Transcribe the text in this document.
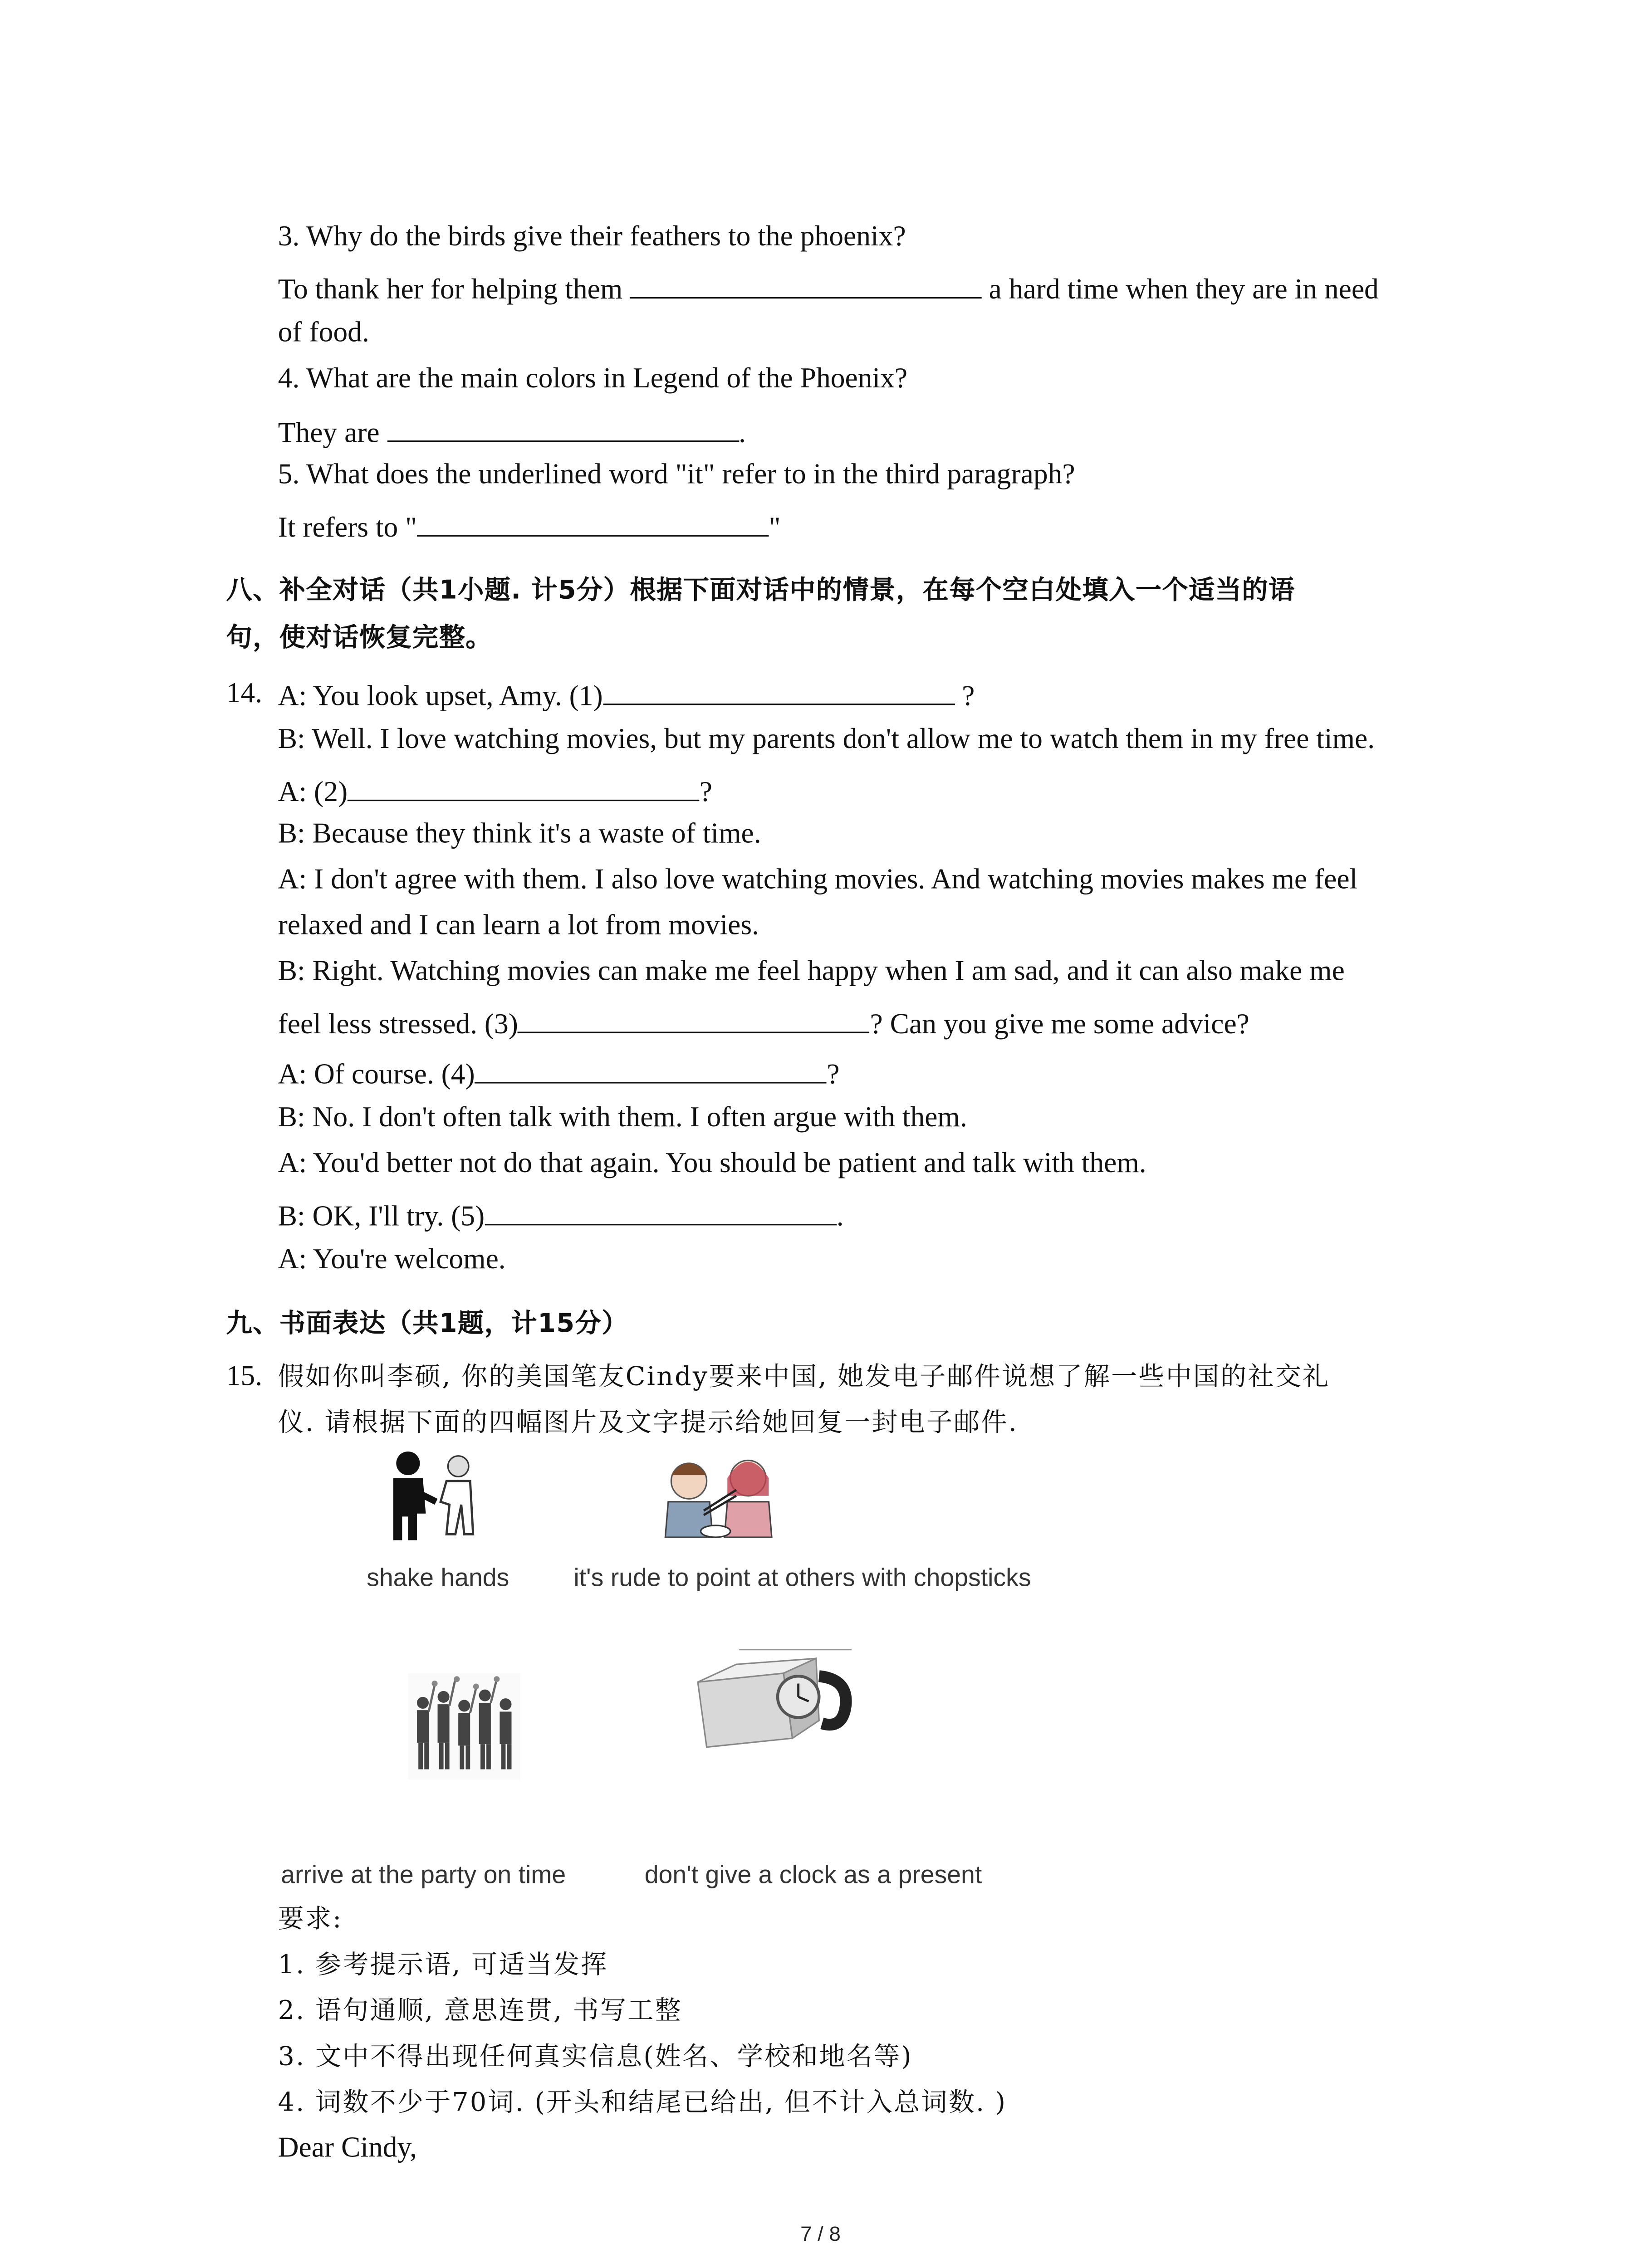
3. Why do the birds give their feathers to the phoenix?
To thank her for helping them	a hard time when they are in need
of food.
4. What are the main colors in Legend of the Phoenix?
They are	.
5. What does the underlined word "it" refer to in the third paragraph?
It refers to "	"
八、补全对话（共1小题. 计5分）根据下面对话中的情景，在每个空白处填入一个适当的语
句，使对话恢复完整。
14. A: You look upset, Amy. (1)	?
B: Well. I love watching movies, but my parents don't allow me to watch them in my free time.
A: (2)	?
B: Because they think it's a waste of time.
A: I don't agree with them. I also love watching movies. And watching movies makes me feel
relaxed and I can learn a lot from movies.
B: Right. Watching movies can make me feel happy when I am sad, and it can also make me
feel less stressed. (3)	? Can you give me some advice?
A: Of course. (4)	?
B: No. I don't often talk with them. I often argue with them.
A: You'd better not do that again. You should be patient and talk with them.
B: OK, I'll try. (5)	.
A: You're welcome.
九、书面表达（共1题，计15分）
15. 假如你叫李硕, 你的美国笔友Cindy要来中国, 她发电子邮件说想了解一些中国的社交礼
仪. 请根据下面的四幅图片及文字提示给她回复一封电子邮件.
shake hands	it's rude to point at others with chopsticks
arrive at the party on time	don't give a clock as a present
要求:
1. 参考提示语, 可适当发挥
2. 语句通顺, 意思连贯, 书写工整
3. 文中不得出现任何真实信息(姓名、学校和地名等)
4. 词数不少于70词. (开头和结尾已给出, 但不计入总词数. )
Dear Cindy,
7 / 8
